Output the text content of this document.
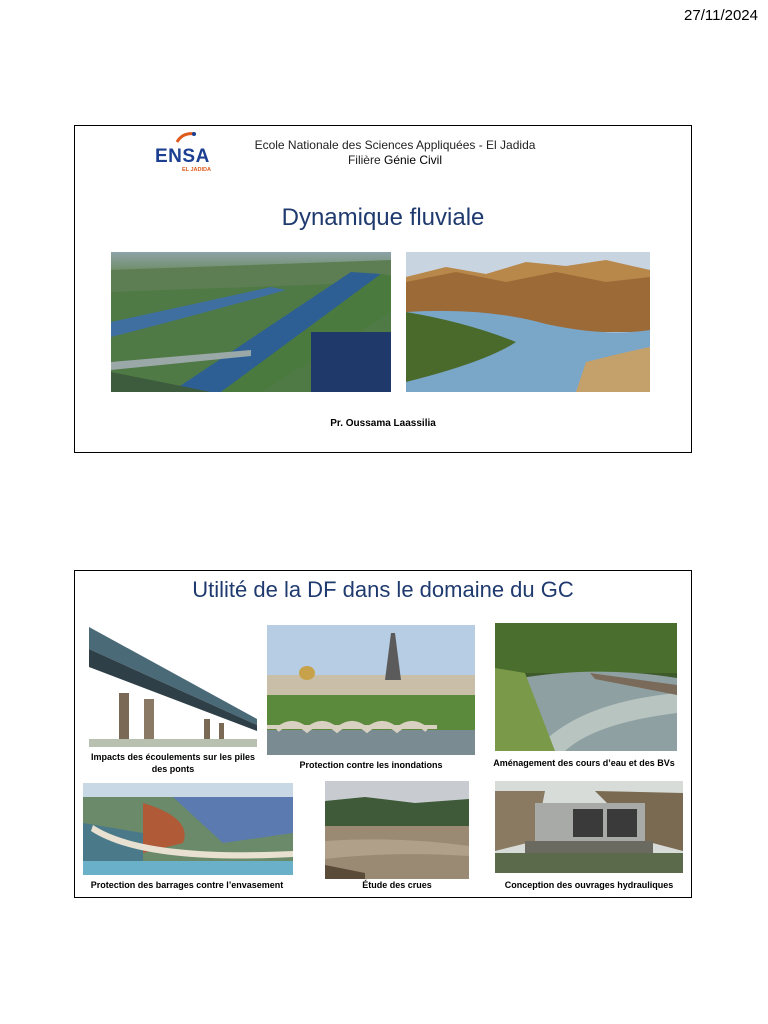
27/11/2024
ENSA
EL JADIDA
Ecole Nationale des Sciences Appliquées - El Jadida
Filière Génie Civil
Dynamique fluviale
Pr. Oussama Laassilia
Utilité de la DF dans le domaine du GC
Impacts des écoulements sur les piles des ponts	Protection contre les inondations	Aménagement des cours d’eau et des BVs
Protection des barrages contre l’envasement	Étude des crues	Conception des ouvrages hydrauliques
